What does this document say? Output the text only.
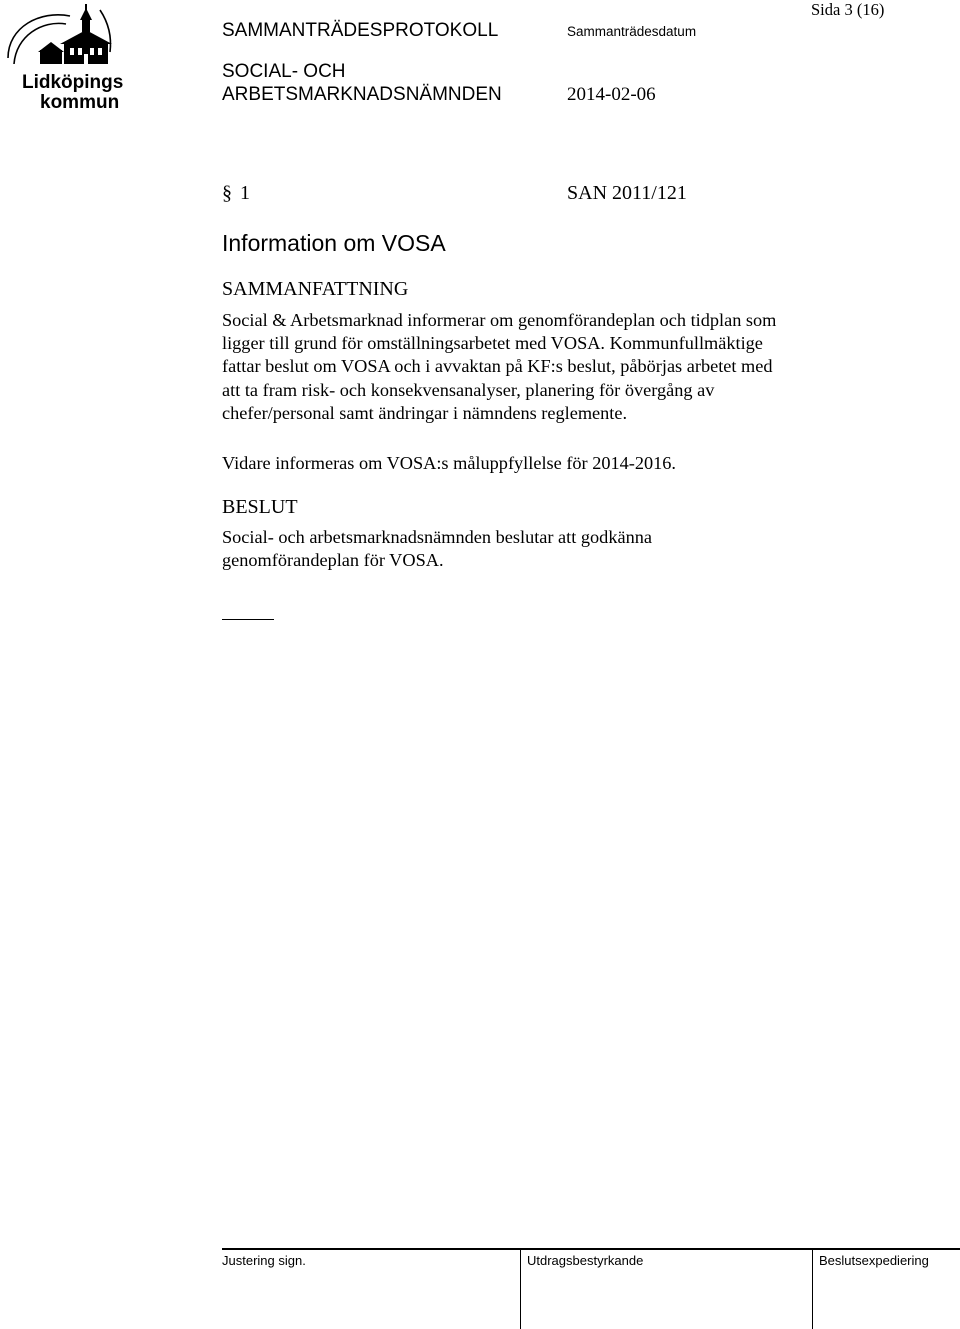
Lidköpings
kommun
SAMMANTRÄDESPROTOKOLL	Sammanträdesdatum
Sida 3 (16)
SOCIAL- OCH
ARBETSMARKNADSNÄMNDEN	2014-02-06
§ 1	SAN 2011/121
Information om VOSA
SAMMANFATTNING
Social & Arbetsmarknad informerar om genomförandeplan och tidplan som
ligger till grund för omställningsarbetet med VOSA. Kommunfullmäktige
fattar beslut om VOSA och i avvaktan på KF:s beslut, påbörjas arbetet med
att ta fram risk- och konsekvensanalyser, planering för övergång av
chefer/personal samt ändringar i nämndens reglemente.
Vidare informeras om VOSA:s måluppfyllelse för 2014-2016.
BESLUT
Social- och arbetsmarknadsnämnden beslutar att godkänna
genomförandeplan för VOSA.
Justering sign.	Utdragsbestyrkande	Beslutsexpediering
